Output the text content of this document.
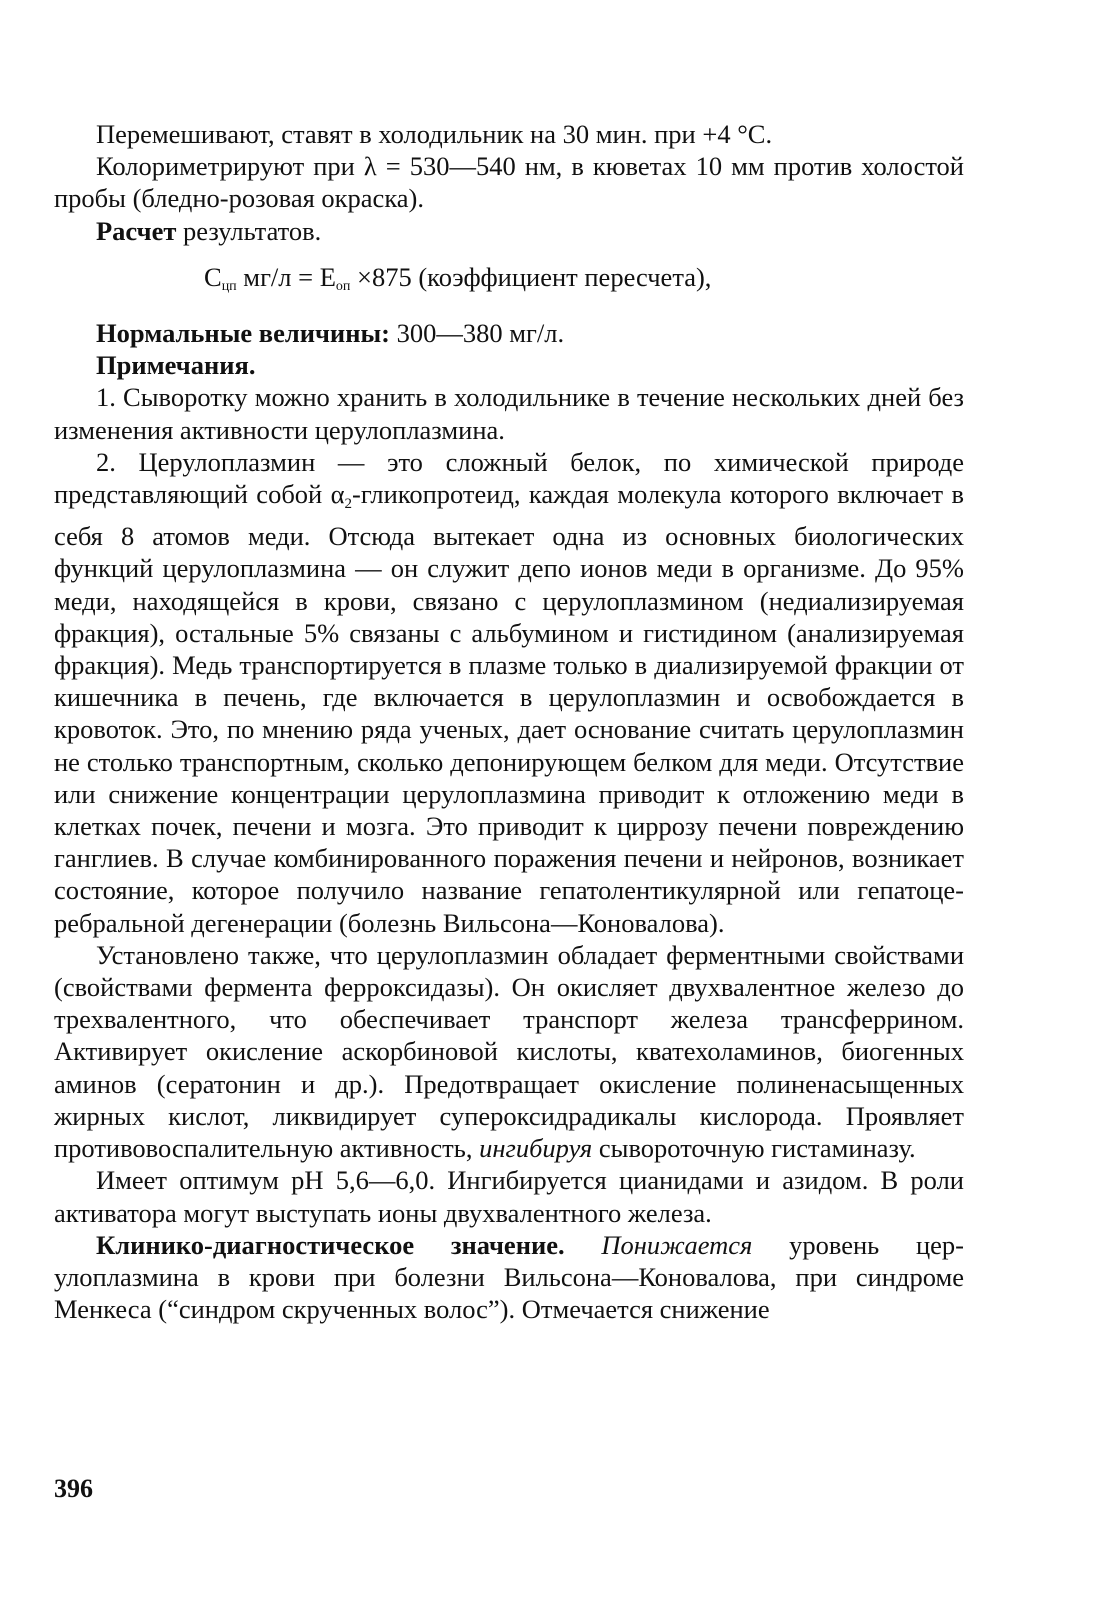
Перемешивают, ставят в холодильник на 30 мин. при +4 °C.

Колориметрируют при λ = 530—540 нм, в кюветах 10 мм против холостой пробы (бледно-розовая окраска).

Расчет результатов.

$C_{цп}$ $мг/л = E_{оп} \times 875$ (коэффициент пересчета),

Нормальные величины: 300—380 мг/л.

Примечания.

1. Сыворотку можно хранить в холодильнике в течение нескольких дней без изменения активности церулоплазмина.

2. Церулоплазмин — это сложный белок, по химической природе представляющий собой $\alpha_2$-гликопротеид, каждая молекула которого включает в себя 8 атомов меди. Отсюда вытекает одна из основных биологических функций церулоплазмина — он служит депо ионов меди в организме. До 95% меди, находящейся в крови, связано с церулоплазмином (недиализируемая фракция), остальные 5% связаны с альбумином и гистидином (анализируемая фракция). Медь транспортируется в плазме только в диализируемой фракции от кишечника в печень, где включается в церулоплазмин и освобождается в кровоток. Это, по мнению ряда ученых, дает основание считать церулоплазмин не столько транспортным, сколько депонирующем белком для меди. Отсутствие или снижение концентрации церулоплазмина приводит к отложению меди в клетках почек, печени и мозга. Это приводит к циррозу печени повреждению ганглиев. В случае комбинированного поражения печени и нейронов, возникает состояние, которое получило название гепатолентикулярной или гепатоцеребральной дегенерации (болезнь Вильсона—Коновалова).

Установлено также, что церулоплазмин обладает ферментными свойствами (свойствами фермента ферроксидазы). Он окисляет двухвалентное железо до трехвалентного, что обеспечивает транспорт железа трансферрином. Активирует окисление аскорбиновой кислоты, кватехоламинов, биогенных аминов (сератонин и др.). Предотвращает окисление полиненасыщенных жирных кислот, ликвидирует супероксидрадикалы кислорода. Проявляет противовоспалительную активность, ингибируя сывороточную гистаминазу.

Имеет оптимум pH 5,6—6,0. Ингибируется цианидами и азидом. В роли активатора могут выступать ионы двухвалентного железа.

Клинико-диагностическое значение. Понижается уровень церулоплазмина в крови при болезни Вильсона—Коновалова, при синдроме Менкеса (“синдром скрученных волос”). Отмечается снижение

396
